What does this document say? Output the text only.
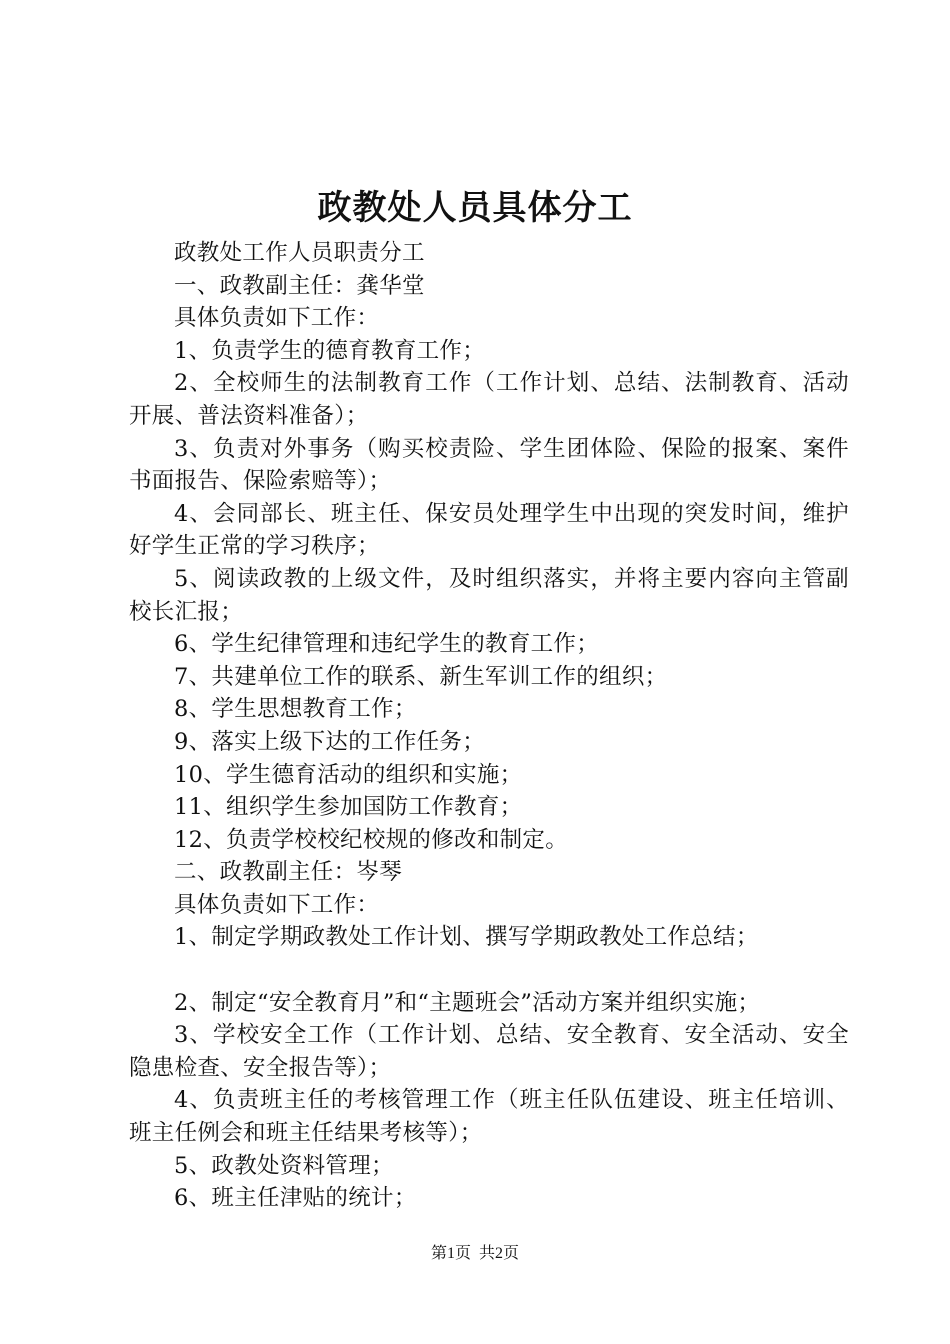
政教处人员具体分工

政教处工作人员职责分工

一、政教副主任：龚华堂

具体负责如下工作：

1、负责学生的德育教育工作；

2、全校师生的法制教育工作（工作计划、总结、法制教育、活动开展、普法资料准备）；

3、负责对外事务（购买校责险、学生团体险、保险的报案、案件书面报告、保险索赔等）；

4、会同部长、班主任、保安员处理学生中出现的突发时间，维护好学生正常的学习秩序；

5、阅读政教的上级文件，及时组织落实，并将主要内容向主管副校长汇报；

6、学生纪律管理和违纪学生的教育工作；

7、共建单位工作的联系、新生军训工作的组织；

8、学生思想教育工作；

9、落实上级下达的工作任务；

10、学生德育活动的组织和实施；

11、组织学生参加国防工作教育；

12、负责学校校纪校规的修改和制定。

二、政教副主任：岑琴

具体负责如下工作：

1、制定学期政教处工作计划、撰写学期政教处工作总结；

2、制定“安全教育月”和“主题班会”活动方案并组织实施；

3、学校安全工作（工作计划、总结、安全教育、安全活动、安全隐患检查、安全报告等）；

4、负责班主任的考核管理工作（班主任队伍建设、班主任培训、班主任例会和班主任结果考核等）；

5、政教处资料管理；

6、班主任津贴的统计；

第1页 共2页
